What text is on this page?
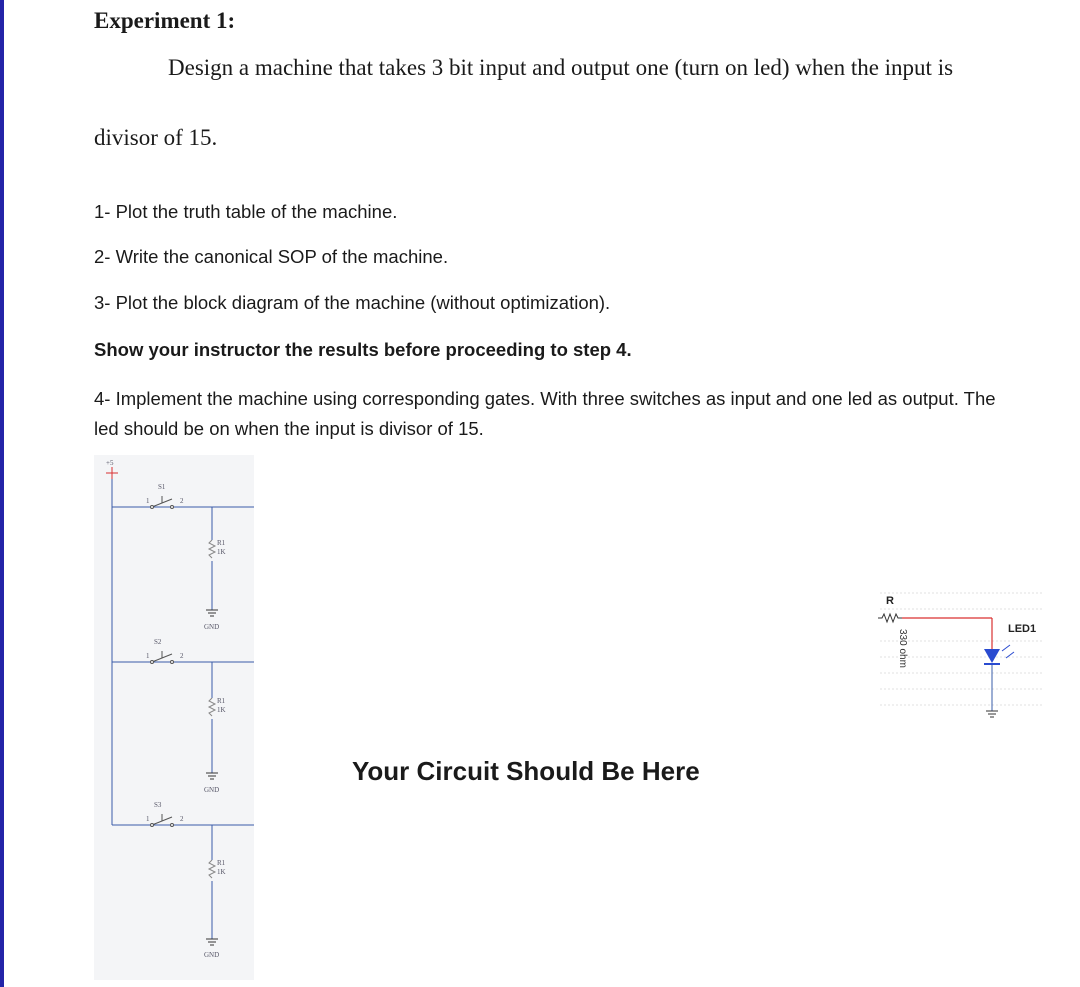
Experiment 1:
Design a machine that takes 3 bit input and output one (turn on led) when the input is
divisor of 15.
1- Plot the truth table of the machine.
2- Write the canonical SOP of the machine.
3- Plot the block diagram of the machine (without optimization).
Show your instructor the results before proceeding to step 4.
4- Implement the machine using corresponding gates. With three switches as input and one led as output. The led should be on when the input is divisor of 15.
+5
S1
1	2
R1
1K
GND
S2
1	2
R1
1K
GND
S3
1	2
R1
1K
GND
R
330 ohm	LED1
Your Circuit Should Be Here
